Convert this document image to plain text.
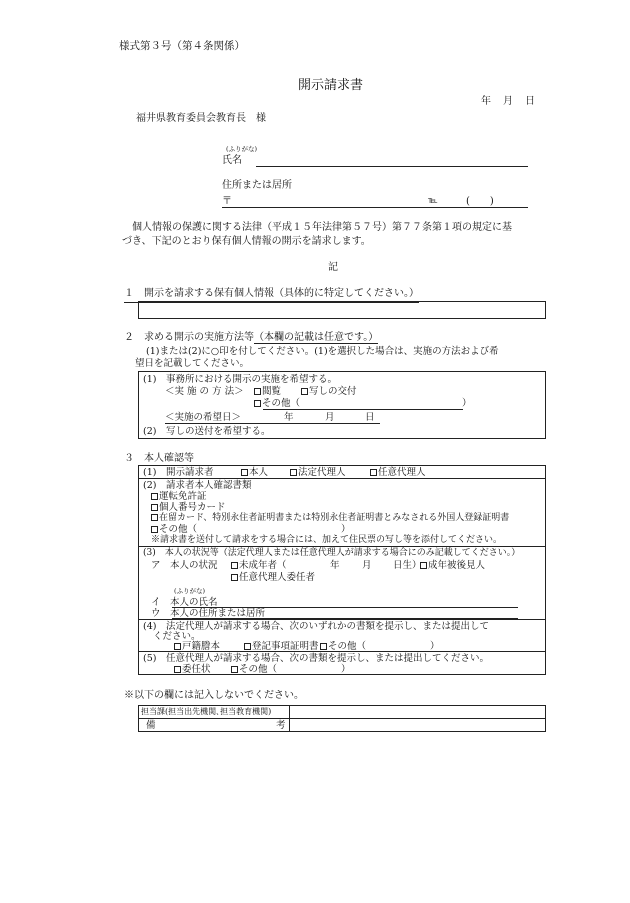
様式第３号（第４条関係）
開示請求書
年　月　日
福井県教育委員会教育長　様
(ふりがな)
氏名
住所または居所
〒	℡	(　　)
個人情報の保護に関する法律（平成１５年法律第５７号）第７７条第１項の規定に基
づき、下記のとおり保有個人情報の開示を請求します。
記
１　開示を請求する保有個人情報（具体的に特定してください。）
２　求める開示の実施方法等（本欄の記載は任意です。）
(1)または(2)に○印を付してください。(1)を選択した場合は、実施の方法および希
望日を記載してください。
(1)　事務所における開示の実施を希望する。
＜実 施 の 方 法＞	閲覧	写しの交付
その他（	）
＜実施の希望日＞	年	月	日
(2)　写しの送付を希望する。
３　本人確認等
(1)　開示請求者	本人	法定代理人	任意代理人
(2)　請求者本人確認書類
運転免許証
個人番号カード
在留カード、特別永住者証明書または特別永住者証明書とみなされる外国人登録証明書
その他（	）
※請求書を送付して請求をする場合には、加えて住民票の写し等を添付してください。
(3)　本人の状況等（法定代理人または任意代理人が請求する場合にのみ記載してください。）
ア　本人の状況	未成年者（	年 月 日生） 成年被後見人
任意代理人委任者
(ふりがな)
イ　本人の氏名
ウ　本人の住所または居所
(4)　法定代理人が請求する場合、次のいずれかの書類を提示し、または提出して
ください。
戸籍謄本	登記事項証明書 その他（	）
(5)　任意代理人が請求する場合、次の書類を提示し、または提出してください。
委任状	その他（	）
※以下の欄には記入しないでください。
担当課(担当出先機関､担当教育機関)
備	考
